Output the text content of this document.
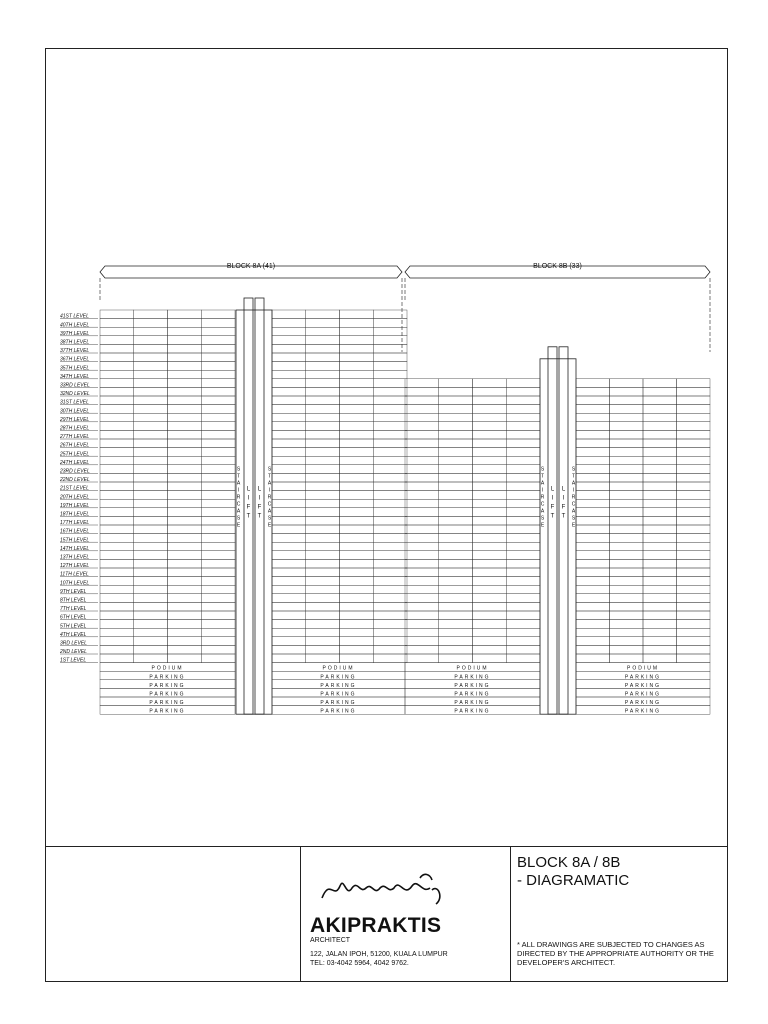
BLOCK 8A (41)	BLOCK 8B (33)
41ST LEVEL
40TH LEVEL
39TH LEVEL
38TH LEVEL
37TH LEVEL
36TH LEVEL
35TH LEVEL
34TH LEVEL
33RD LEVEL
32ND LEVEL
31ST LEVEL
30TH LEVEL
29TH LEVEL
28TH LEVEL
27TH LEVEL
26TH LEVEL
25TH LEVEL
24TH LEVEL
23RD LEVEL
22ND LEVEL
21ST LEVEL
20TH LEVEL
19TH LEVEL
18TH LEVEL
17TH LEVEL
16TH LEVEL
15TH LEVEL
14TH LEVEL
13TH LEVEL
12TH LEVEL
11TH LEVEL
10TH LEVEL
9TH LEVEL
8TH LEVEL
7TH LEVEL
6TH LEVEL
5TH LEVEL
4TH LEVEL
3RD LEVEL
2ND LEVEL
1ST LEVEL
L L
I I
F F
T T
S	S
T	T
A	A
I	I
R	R
C	C
A	A
S	S
E	E
L L
I I
F F
T T
S	S
T	T
A	A
I	I
R	R
C	C
A	A
S	S
E	E
PODIUM	PODIUM	PODIUM	PODIUM
PARKING	PARKING	PARKING	PARKING
PARKING	PARKING	PARKING	PARKING
PARKING	PARKING	PARKING	PARKING
PARKING	PARKING	PARKING	PARKING
PARKING	PARKING	PARKING	PARKING
BLOCK 8A / 8B
- DIAGRAMATIC
AKIPRAKTIS
ARCHITECT
122, JALAN IPOH, 51200, KUALA LUMPUR
TEL: 03-4042 5964, 4042 9762.
* ALL DRAWINGS ARE SUBJECTED TO CHANGES AS DIRECTED BY THE APPROPRIATE AUTHORITY OR THE DEVELOPER'S ARCHITECT.
